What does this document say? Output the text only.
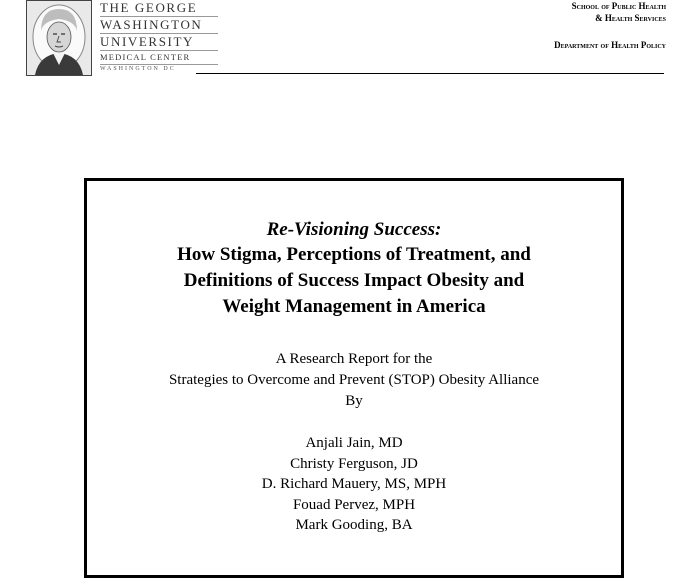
THE GEORGE
WASHINGTON
UNIVERSITY
MEDICAL CENTER
WASHINGTON DC
School of Public Health
& Health Services
Department of Health Policy
Re-Visioning Success:
How Stigma, Perceptions of Treatment, and
Definitions of Success Impact Obesity and
Weight Management in America
A Research Report for the
Strategies to Overcome and Prevent (STOP) Obesity Alliance
By
Anjali Jain, MD
Christy Ferguson, JD
D. Richard Mauery, MS, MPH
Fouad Pervez, MPH
Mark Gooding, BA
